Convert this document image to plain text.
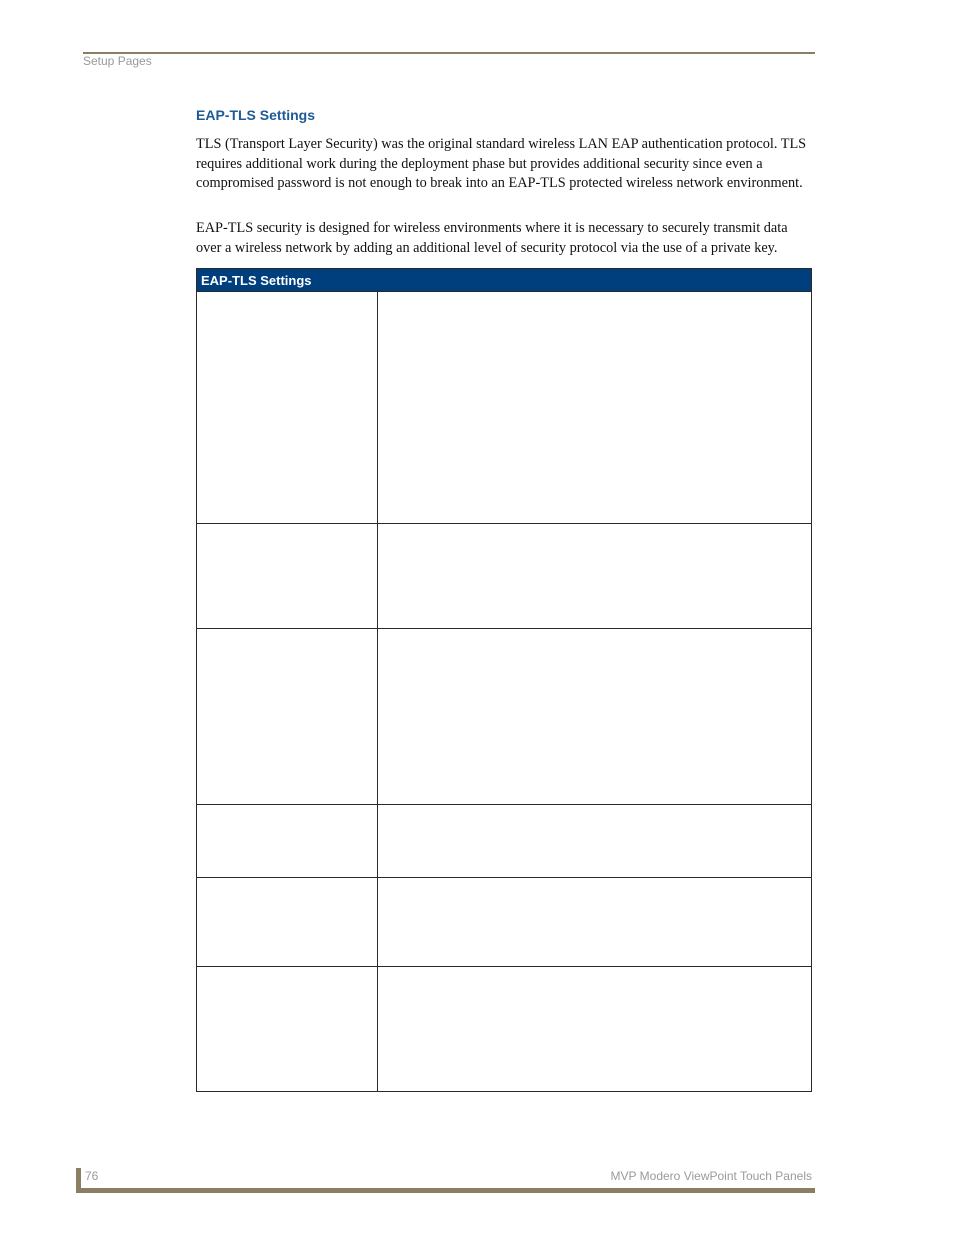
Setup Pages
EAP-TLS Settings

TLS (Transport Layer Security) was the original standard wireless LAN EAP authentication protocol. TLS requires additional work during the deployment phase but provides additional security since even a compromised password is not enough to break into an EAP-TLS protected wireless network environment.

EAP-TLS security is designed for wireless environments where it is necessary to securely transmit data over a wireless network by adding an additional level of security protocol via the use of a private key.

EAP-TLS Settings	

76	MVP Modero ViewPoint Touch Panels
